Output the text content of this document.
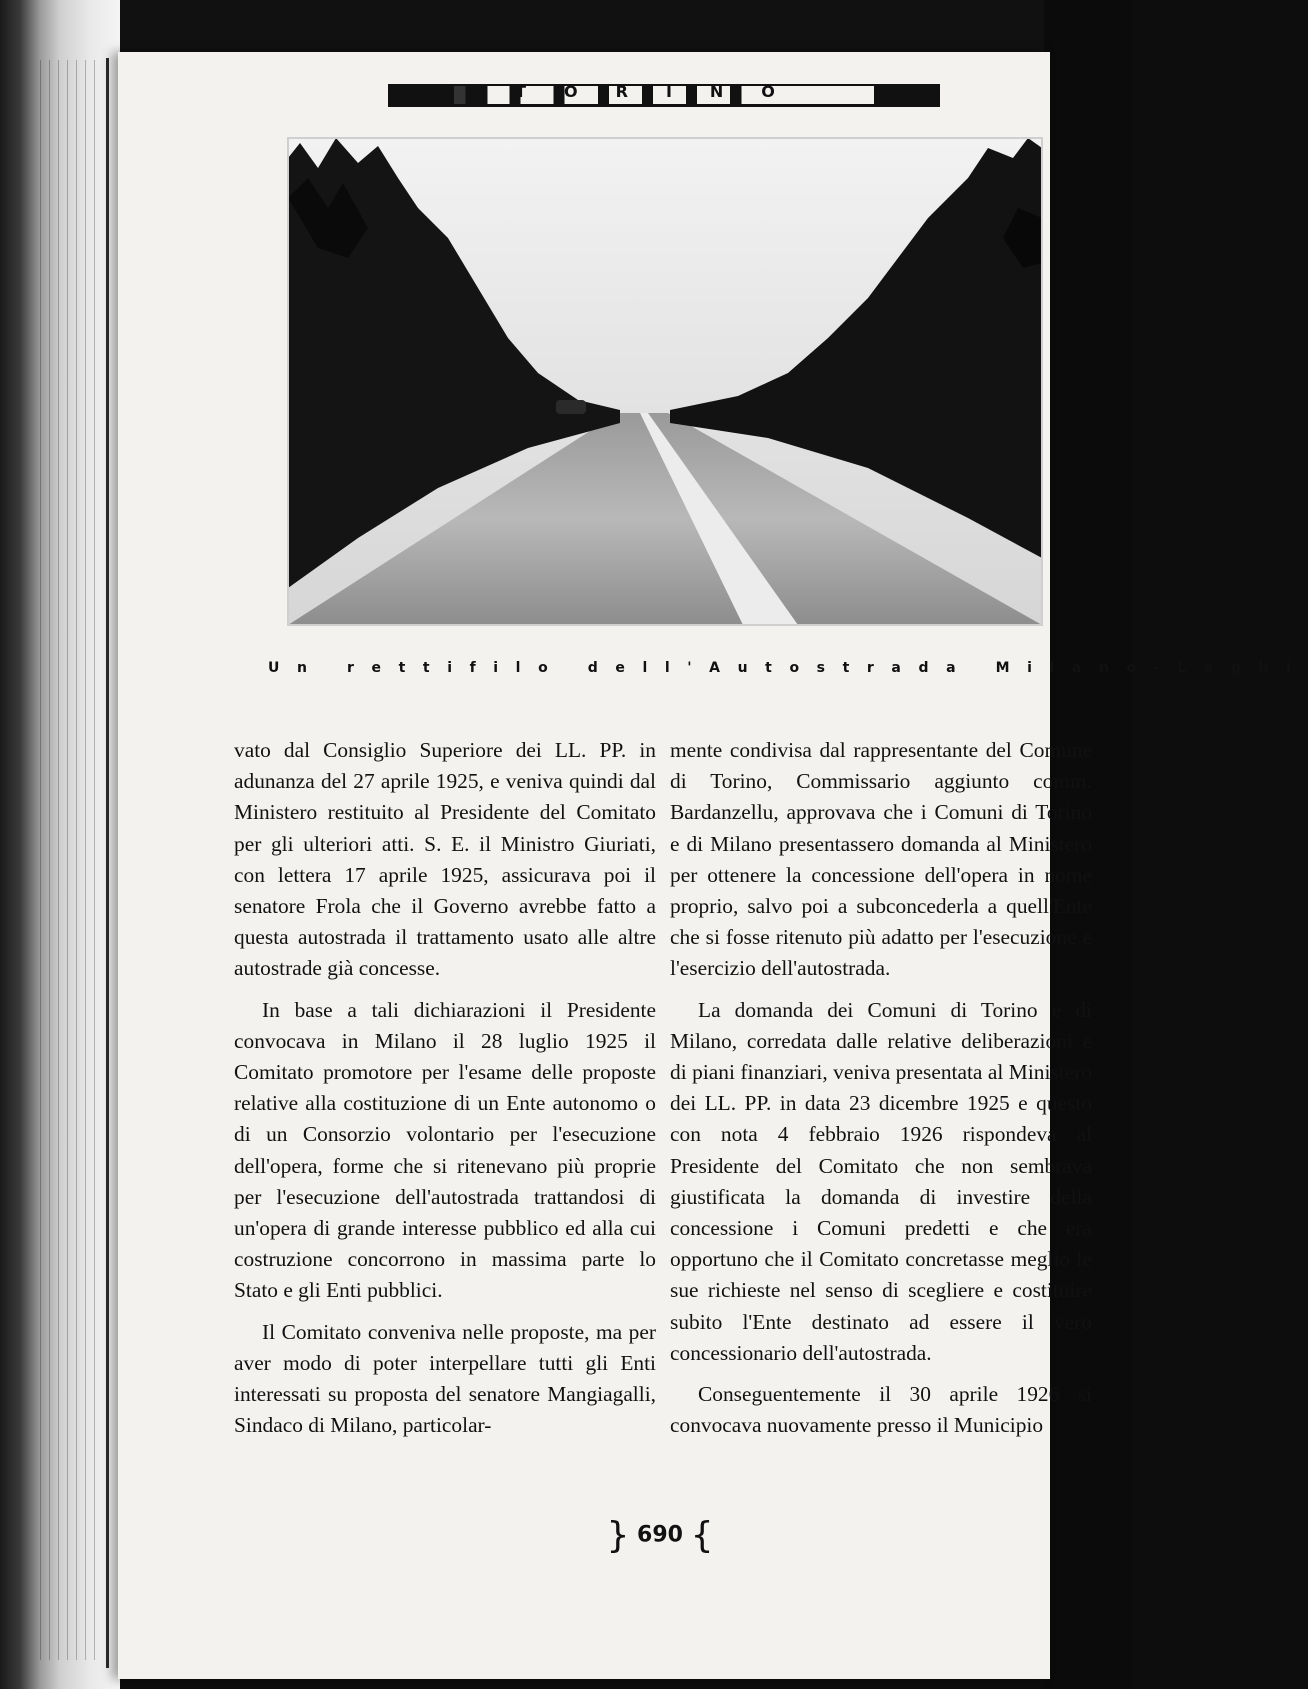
TORINO
Un rettifilo dell'Autostrada Milano-Laghi

vato dal Consiglio Superiore dei LL. PP. in adunanza del 27 aprile 1925, e veniva quindi dal Ministero restituito al Presidente del Comitato per gli ulteriori atti. S. E. il Ministro Giuriati, con lettera 17 aprile 1925, assicurava poi il senatore Frola che il Governo avrebbe fatto a questa autostrada il trattamento usato alle altre autostrade già concesse.

In base a tali dichiarazioni il Presidente convocava in Milano il 28 luglio 1925 il Comitato promotore per l'esame delle proposte relative alla costituzione di un Ente autonomo o di un Consorzio volontario per l'esecuzione dell'opera, forme che si ritenevano più proprie per l'esecuzione dell'autostrada trattandosi di un'opera di grande interesse pubblico ed alla cui costruzione concorrono in massima parte lo Stato e gli Enti pubblici.

Il Comitato conveniva nelle proposte, ma per aver modo di poter interpellare tutti gli Enti interessati su proposta del senatore Mangiagalli, Sindaco di Milano, particolar-

mente condivisa dal rappresentante del Comune di Torino, Commissario aggiunto comm. Bardanzellu, approvava che i Comuni di Torino e di Milano presentassero domanda al Ministero per ottenere la concessione dell'opera in nome proprio, salvo poi a subconcederla a quell'Ente che si fosse ritenuto più adatto per l'esecuzione e l'esercizio dell'autostrada.

La domanda dei Comuni di Torino e di Milano, corredata dalle relative deliberazioni e di piani finanziari, veniva presentata al Ministero dei LL. PP. in data 23 dicembre 1925 e questo con nota 4 febbraio 1926 rispondeva al Presidente del Comitato che non sembrava giustificata la domanda di investire della concessione i Comuni predetti e che era opportuno che il Comitato concretasse meglio le sue richieste nel senso di scegliere e costituire subito l'Ente destinato ad essere il vero concessionario dell'autostrada.

Conseguentemente il 30 aprile 1926 si convocava nuovamente presso il Municipio

} 690 {
